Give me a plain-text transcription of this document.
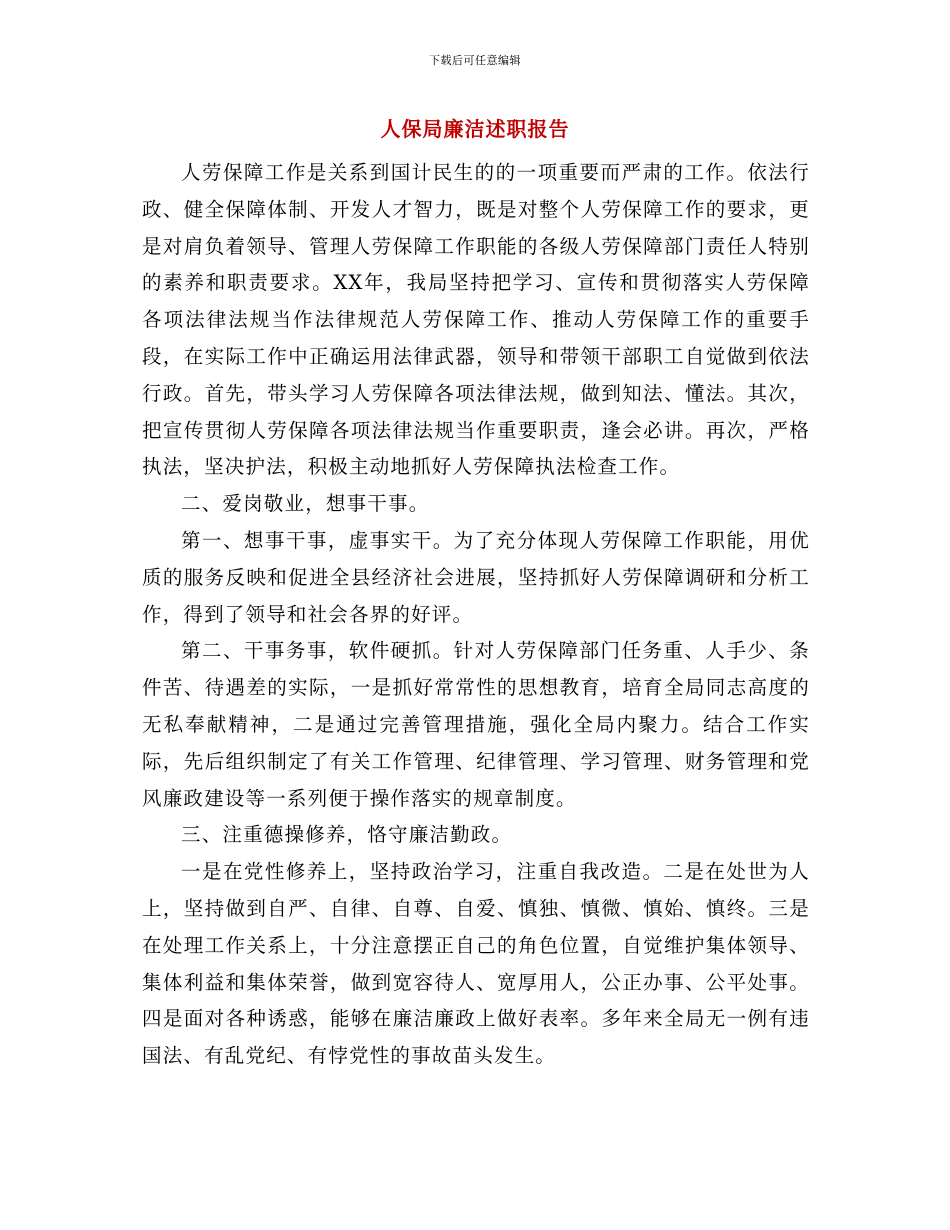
下载后可任意编辑
人保局廉洁述职报告

人劳保障工作是关系到国计民生的的一项重要而严肃的工作。依法行政、健全保障体制、开发人才智力，既是对整个人劳保障工作的要求，更是对肩负着领导、管理人劳保障工作职能的各级人劳保障部门责任人特别的素养和职责要求。XX年，我局坚持把学习、宣传和贯彻落实人劳保障各项法律法规当作法律规范人劳保障工作、推动人劳保障工作的重要手段，在实际工作中正确运用法律武器，领导和带领干部职工自觉做到依法行政。首先，带头学习人劳保障各项法律法规，做到知法、懂法。其次，把宣传贯彻人劳保障各项法律法规当作重要职责，逢会必讲。再次，严格执法，坚决护法，积极主动地抓好人劳保障执法检查工作。

二、爱岗敬业，想事干事。

第一、想事干事，虚事实干。为了充分体现人劳保障工作职能，用优质的服务反映和促进全县经济社会进展，坚持抓好人劳保障调研和分析工作，得到了领导和社会各界的好评。

第二、干事务事，软件硬抓。针对人劳保障部门任务重、人手少、条件苦、待遇差的实际，一是抓好常常性的思想教育，培育全局同志高度的无私奉献精神，二是通过完善管理措施，强化全局内聚力。结合工作实际，先后组织制定了有关工作管理、纪律管理、学习管理、财务管理和党风廉政建设等一系列便于操作落实的规章制度。

三、注重德操修养，恪守廉洁勤政。

一是在党性修养上，坚持政治学习，注重自我改造。二是在处世为人上，坚持做到自严、自律、自尊、自爱、慎独、慎微、慎始、慎终。三是在处理工作关系上，十分注意摆正自己的角色位置，自觉维护集体领导、集体利益和集体荣誉，做到宽容待人、宽厚用人，公正办事、公平处事。四是面对各种诱惑，能够在廉洁廉政上做好表率。多年来全局无一例有违国法、有乱党纪、有悖党性的事故苗头发生。
